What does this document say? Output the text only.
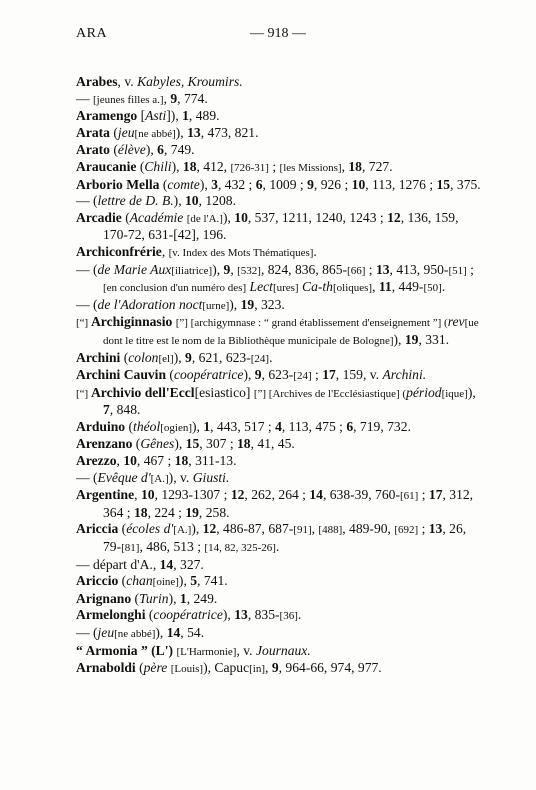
ARA	— 918 —
Arabes, v. Kabyles, Kroumirs.
— [jeunes filles a.], 9, 774.
Aramengo [Asti]), 1, 489.
Arata (jeu[ne abbé]), 13, 473, 821.
Arato (élève), 6, 749.
Araucanie (Chili), 18, 412, [726-31] ; [les Missions], 18, 727.
Arborio Mella (comte), 3, 432 ; 6, 1009 ; 9, 926 ; 10, 113, 1276 ; 15, 375.
— (lettre de D. B.), 10, 1208.
Arcadie (Académie [de l'A.]), 10, 537, 1211, 1240, 1243 ; 12, 136, 159, 170-72, 631-[42], 196.
Archiconfrérie, [v. Index des Mots Thématiques].
— (de Marie Aux[iliatrice]), 9, [532], 824, 836, 865-[66] ; 13, 413, 950-[51] ; [en conclusion d'un numéro des] Lect[ures] Ca-th[oliques], 11, 449-[50].
— (de l'Adoration noct[urne]), 19, 323.
[“] Archiginnasio [”] [archigymnase : “ grand établissement d'enseignement ”] (rev[ue dont le titre est le nom de la Bibliothèque municipale de Bologne]), 19, 331.
Archini (colon[el]), 9, 621, 623-[24].
Archini Cauvin (coopératrice), 9, 623-[24] ; 17, 159, v. Archini.
[“] Archivio dell'Eccl[esiastico] [”] [Archives de l'Ecclésiastique] (périod[ique]), 7, 848.
Arduino (théol[ogien]), 1, 443, 517 ; 4, 113, 475 ; 6, 719, 732.
Arenzano (Gênes), 15, 307 ; 18, 41, 45.
Arezzo, 10, 467 ; 18, 311-13.
— (Evêque d'[A.]), v. Giusti.
Argentine, 10, 1293-1307 ; 12, 262, 264 ; 14, 638-39, 760-[61] ; 17, 312, 364 ; 18, 224 ; 19, 258.
Ariccia (écoles d'[A.]), 12, 486-87, 687-[91], [488], 489-90, [692] ; 13, 26, 79-[81], 486, 513 ; [14, 82, 325-26].
— départ d'A., 14, 327.
Ariccio (chan[oine]), 5, 741.
Arignano (Turin), 1, 249.
Armelonghi (coopératrice), 13, 835-[36].
— (jeu[ne abbé]), 14, 54.
“ Armonia ” (L') [L'Harmonie], v. Journaux.
Arnaboldi (père [Louis]), Capuc[in], 9, 964-66, 974, 977.
